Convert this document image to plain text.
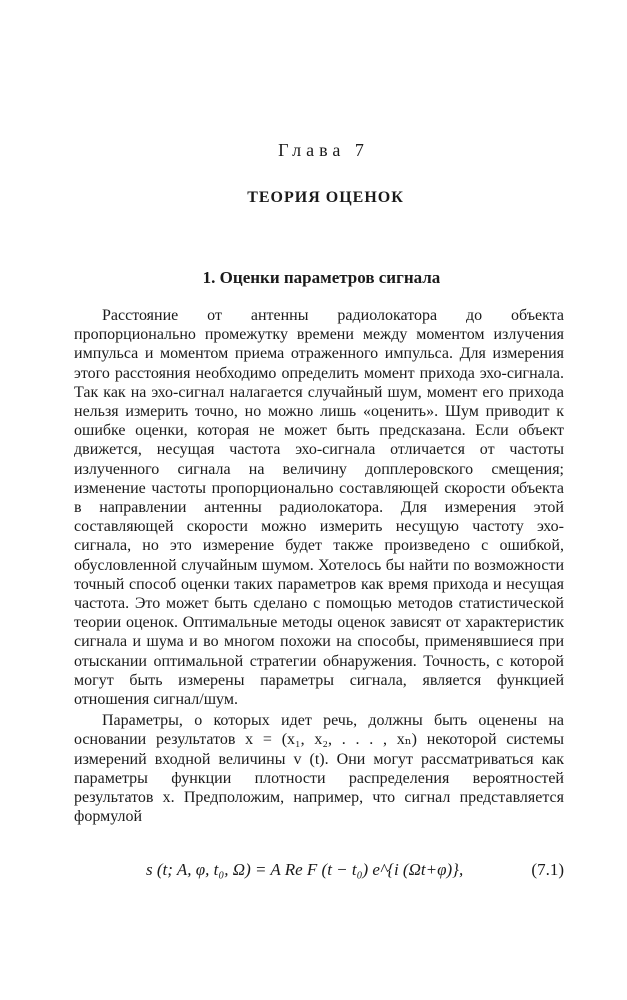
Глава 7
ТЕОРИЯ ОЦЕНОК
1. Оценки параметров сигнала

Расстояние от антенны радиолокатора до объекта пропорционально промежутку времени между моментом излучения импульса и моментом приема отраженного импульса. Для измерения этого расстояния необходимо определить момент прихода эхо-сигнала. Так как на эхо-сигнал налагается случайный шум, момент его прихода нельзя измерить точно, но можно лишь «оценить». Шум приводит к ошибке оценки, которая не может быть предсказана. Если объект движется, несущая частота эхо-сигнала отличается от частоты излученного сигнала на величину допплеровского смещения; изменение частоты пропорционально составляющей скорости объекта в направлении антенны радиолокатора. Для измерения этой составляющей скорости можно измерить несущую частоту эхо-сигнала, но это измерение будет также произведено с ошибкой, обусловленной случайным шумом. Хотелось бы найти по возможности точный способ оценки таких параметров как время прихода и несущая частота. Это может быть сделано с помощью методов статистической теории оценок. Оптимальные методы оценок зависят от характеристик сигнала и шума и во многом похожи на способы, применявшиеся при отыскании оптимальной стратегии обнаружения. Точность, с которой могут быть измерены параметры сигнала, является функцией отношения сигнал/шум.

Параметры, о которых идет речь, должны быть оценены на основании результатов x = (x₁, x₂, . . . , xₙ) некоторой системы измерений входной величины v (t). Они могут рассматриваться как параметры функции плотности распределения вероятностей результатов x. Предположим, например, что сигнал представляется формулой

s (t; A, φ, t₀, Ω) = A Re F (t − t₀) e^{i (Ωt+φ)},	(7.1)
